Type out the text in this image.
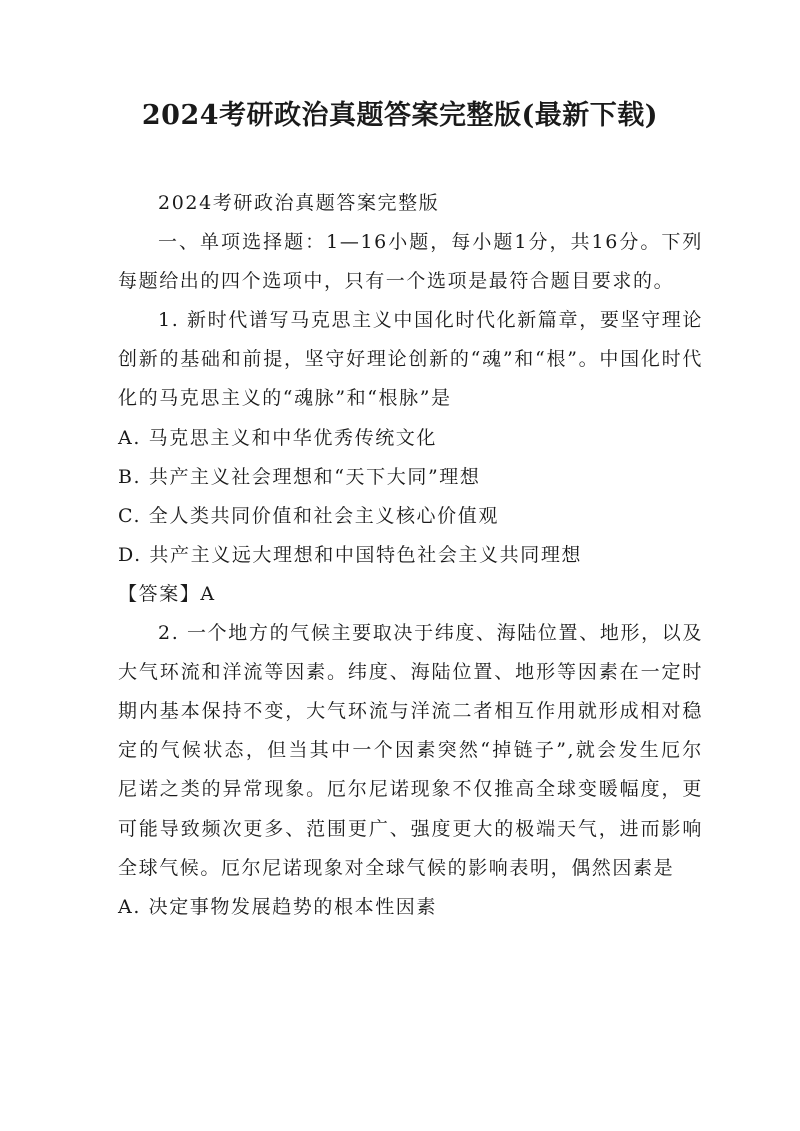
2024考研政治真题答案完整版(最新下载)

2024考研政治真题答案完整版

一、单项选择题：1—16小题，每小题1分，共16分。下列每题给出的四个选项中，只有一个选项是最符合题目要求的。

1. 新时代谱写马克思主义中国化时代化新篇章，要坚守理论创新的基础和前提，坚守好理论创新的“魂”和“根”。中国化时代化的马克思主义的“魂脉”和“根脉”是

A. 马克思主义和中华优秀传统文化

B. 共产主义社会理想和“天下大同”理想

C. 全人类共同价值和社会主义核心价值观

D. 共产主义远大理想和中国特色社会主义共同理想

【答案】A

2. 一个地方的气候主要取决于纬度、海陆位置、地形，以及大气环流和洋流等因素。纬度、海陆位置、地形等因素在一定时期内基本保持不变，大气环流与洋流二者相互作用就形成相对稳定的气候状态，但当其中一个因素突然“掉链子”,就会发生厄尔尼诺之类的异常现象。厄尔尼诺现象不仅推高全球变暖幅度，更可能导致频次更多、范围更广、强度更大的极端天气，进而影响全球气候。厄尔尼诺现象对全球气候的影响表明，偶然因素是

A. 决定事物发展趋势的根本性因素
